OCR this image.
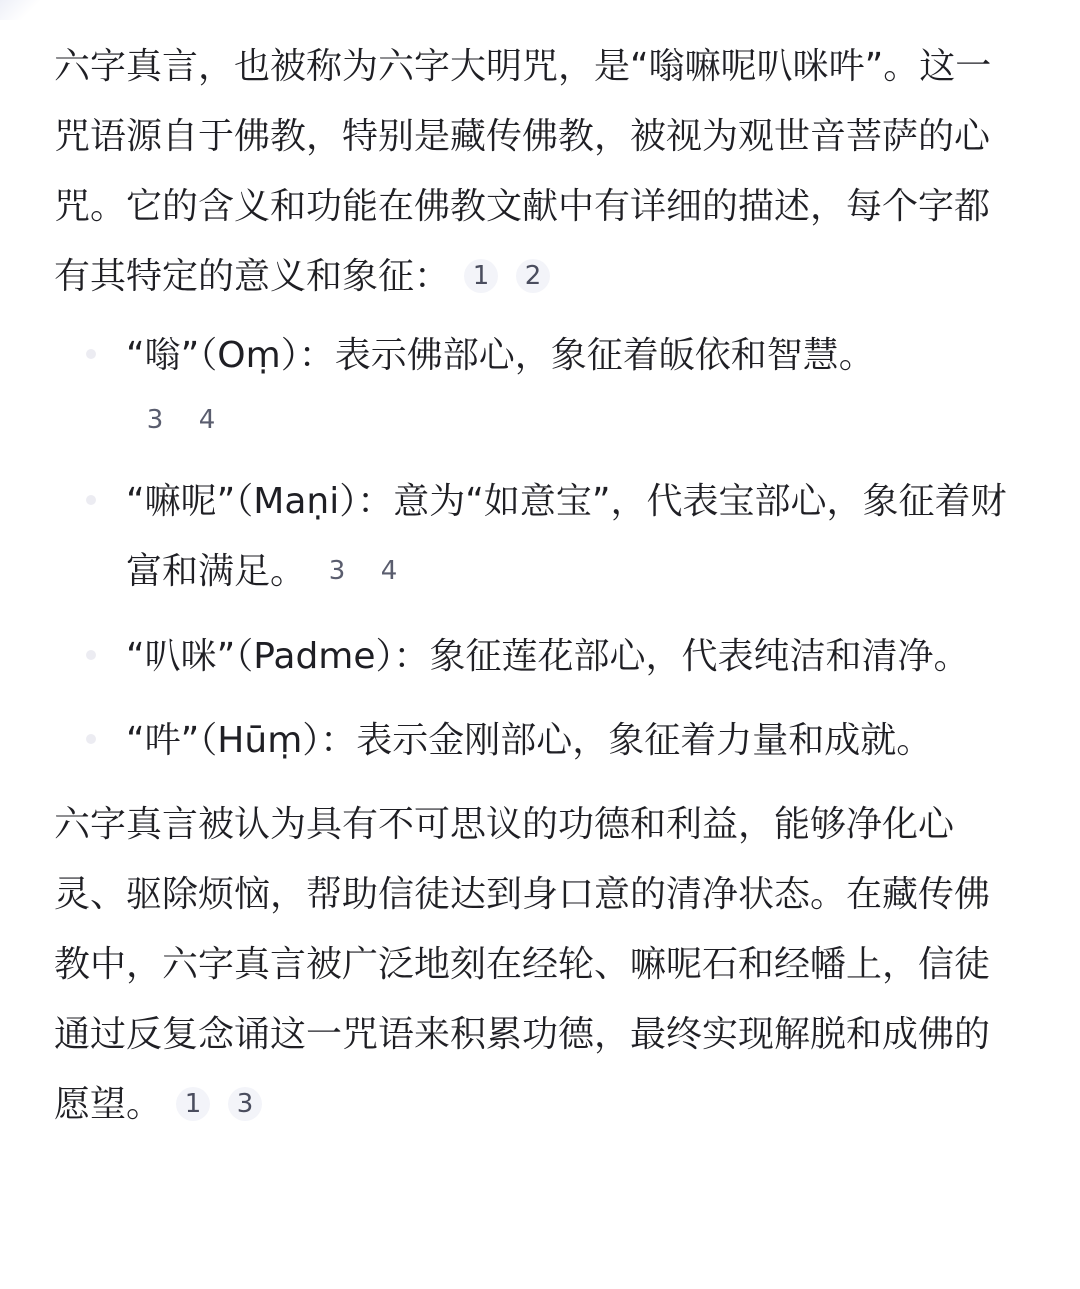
六字真言，也被称为六字大明咒，是“嗡嘛呢叭咪吽”。这一咒语源自于佛教，特别是藏传佛教，被视为观世音菩萨的心咒。它的含义和功能在佛教文献中有详细的描述，每个字都有其特定的意义和象征： 1 2

“嗡”（Oṃ）：表示佛部心，象征着皈依和智慧。
3 4
“嘛呢”（Maṇi）：意为“如意宝”，代表宝部心，象征着财富和满足。 3 4
“叭咪”（Padme）：象征莲花部心，代表纯洁和清净。
“吽”（Hūṃ）：表示金刚部心，象征着力量和成就。

六字真言被认为具有不可思议的功德和利益，能够净化心灵、驱除烦恼，帮助信徒达到身口意的清净状态。在藏传佛教中，六字真言被广泛地刻在经轮、嘛呢石和经幡上，信徒通过反复念诵这一咒语来积累功德，最终实现解脱和成佛的愿望。 1 3
